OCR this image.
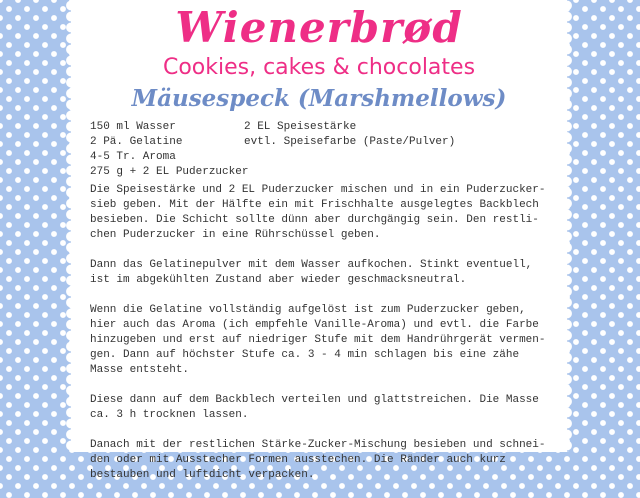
Wienerbrød
Cookies, cakes & chocolates
Mäusespeck (Marshmellows)
150 ml Wasser	2 EL Speisestärke
2 Pä. Gelatine	evtl. Speisefarbe (Paste/Pulver)
4-5 Tr. Aroma
275 g + 2 EL Puderzucker

Die Speisestärke und 2 EL Puderzucker mischen und in ein Puderzucker-sieb geben. Mit der Hälfte ein mit Frischhalte ausgelegtes Backblech besieben. Die Schicht sollte dünn aber durchgängig sein. Den restli-chen Puderzucker in eine Rührschüssel geben.

Dann das Gelatinepulver mit dem Wasser aufkochen. Stinkt eventuell, ist im abgekühlten Zustand aber wieder geschmacksneutral.

Wenn die Gelatine vollständig aufgelöst ist zum Puderzucker geben, hier auch das Aroma (ich empfehle Vanille-Aroma) und evtl. die Farbe hinzugeben und erst auf niedriger Stufe mit dem Handrührgerät vermen-gen. Dann auf höchster Stufe ca. 3 - 4 min schlagen bis eine zähe Masse entsteht.

Diese dann auf dem Backblech verteilen und glattstreichen. Die Masse ca. 3 h trocknen lassen.

Danach mit der restlichen Stärke-Zucker-Mischung besieben und schnei-den oder mit Ausstecher Formen ausstechen. Die Ränder auch kurz bestauben und luftdicht verpacken.
